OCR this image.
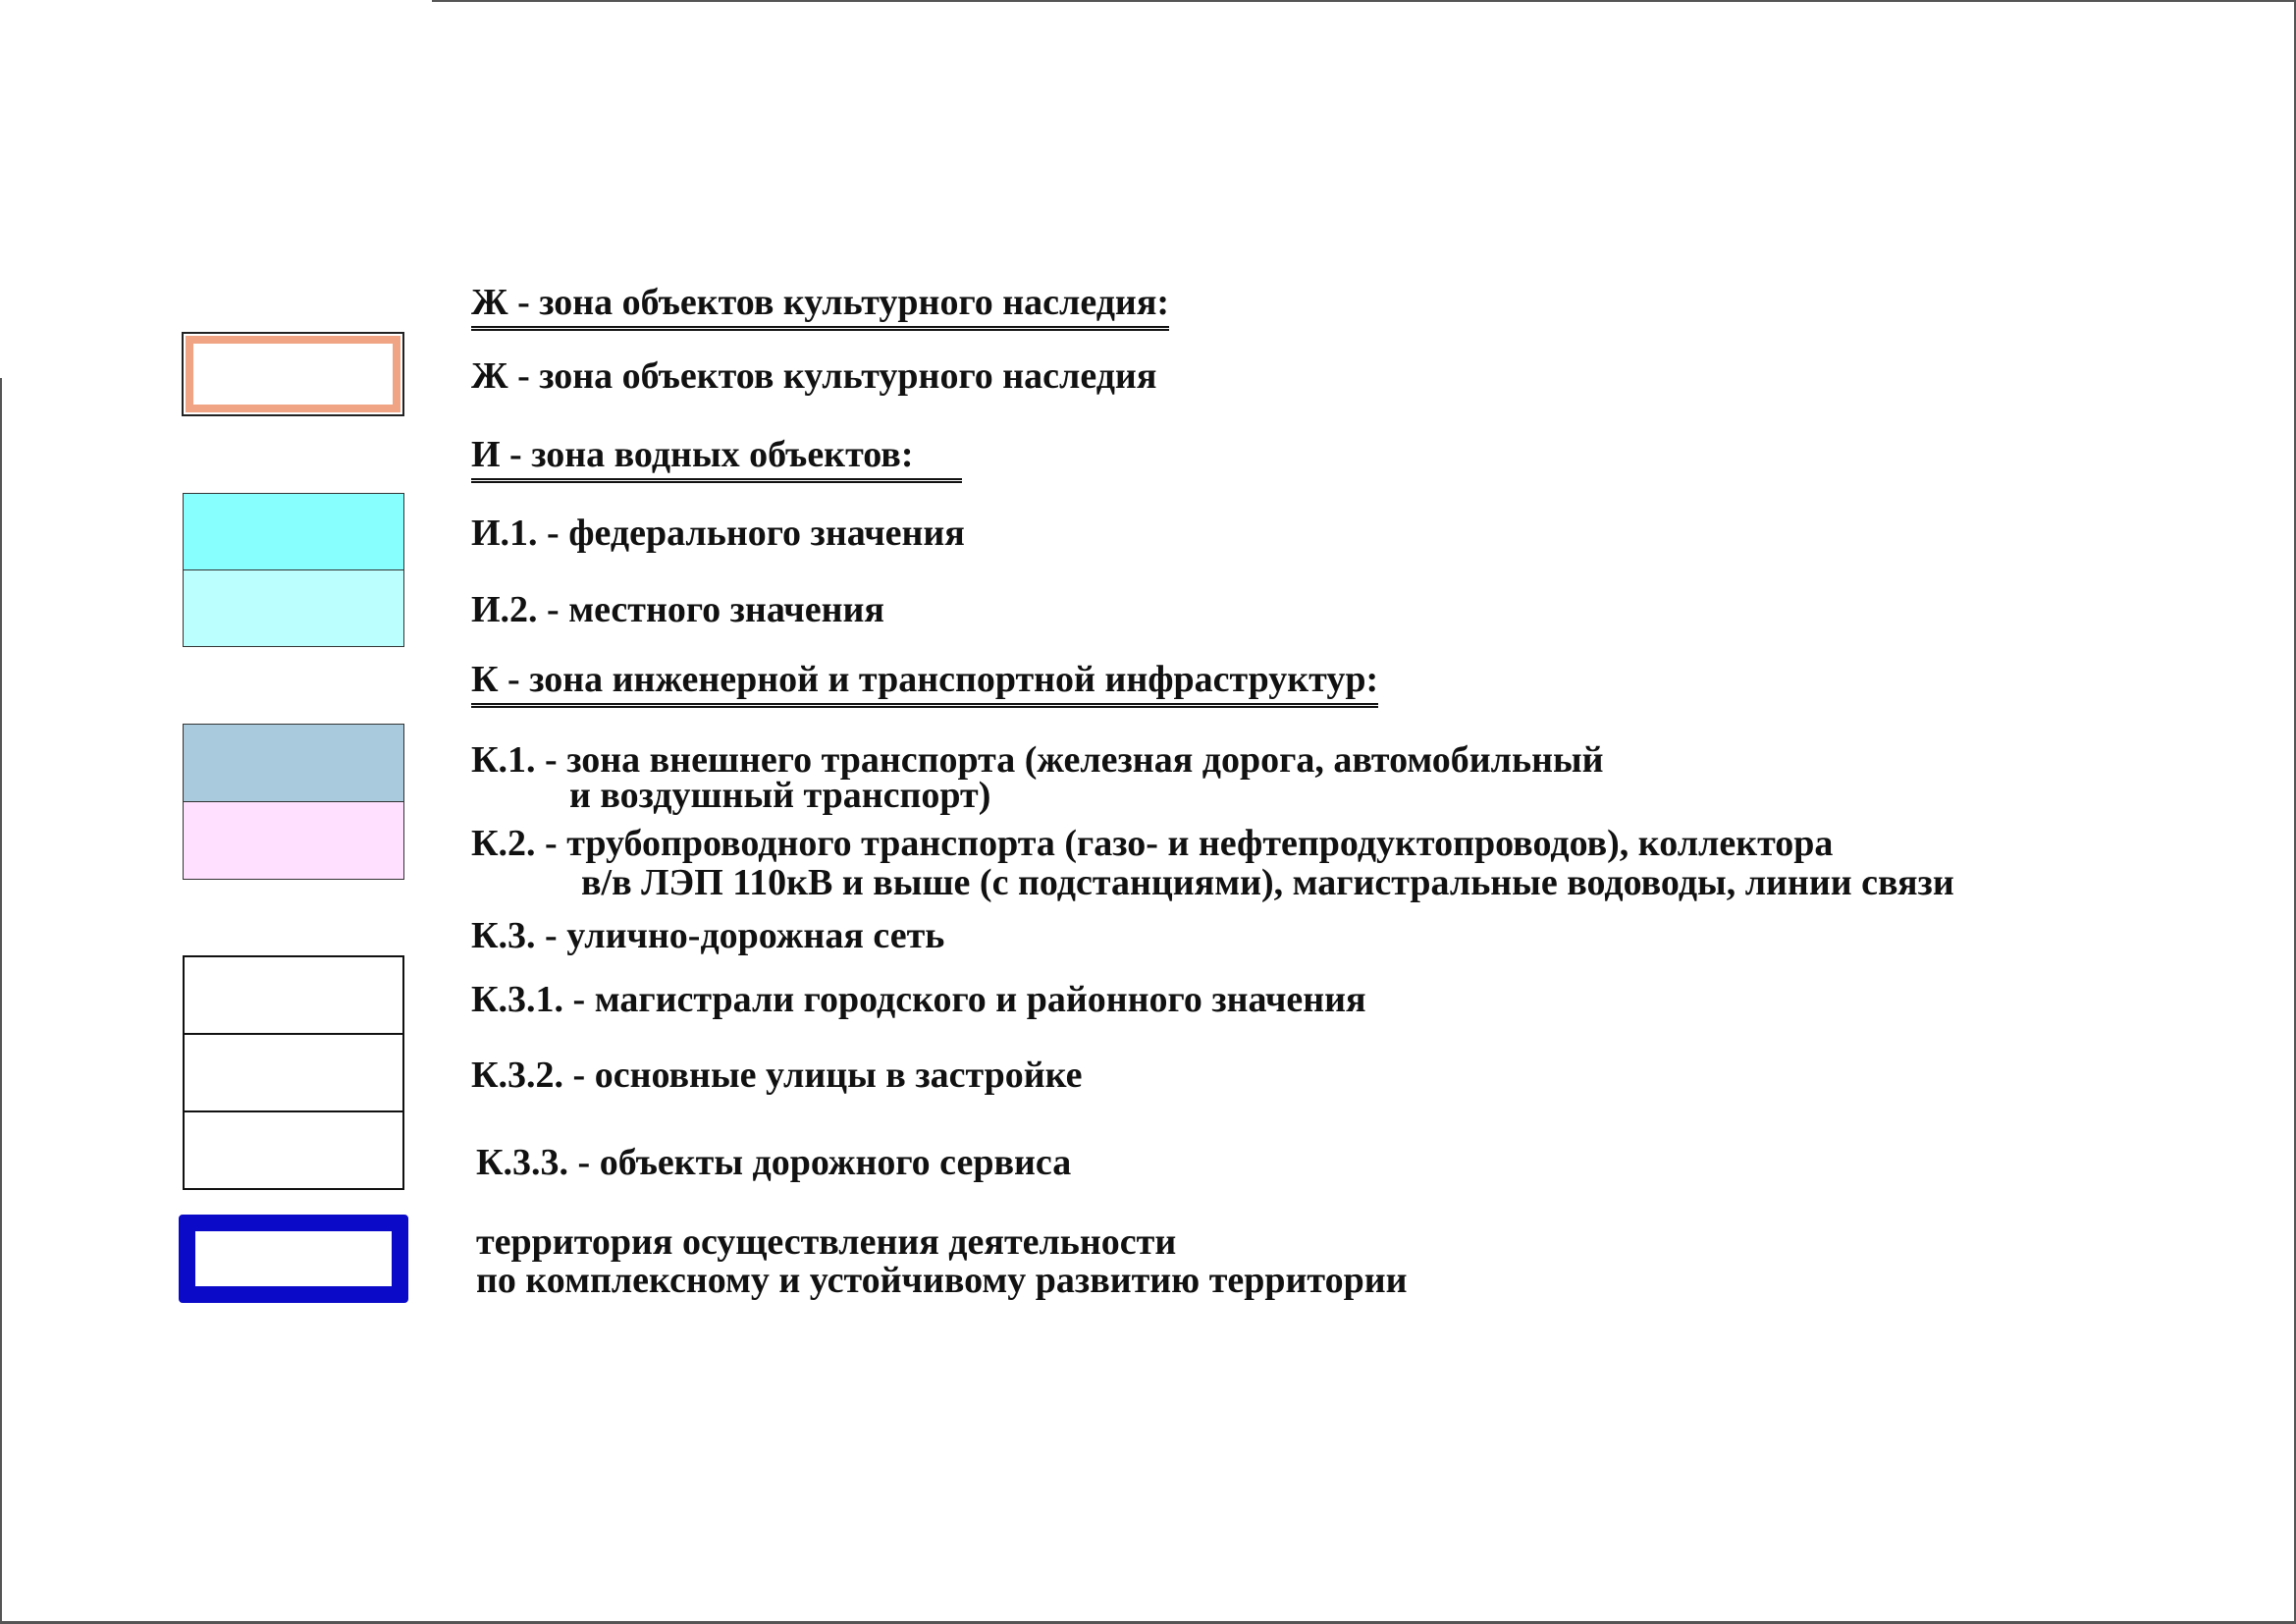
Ж - зона объектов культурного наследия:
Ж - зона объектов культурного наследия
И - зона водных объектов:
И.1. - федерального значения
И.2. - местного значения
К - зона инженерной и транспортной инфраструктур:
К.1. - зона внешнего транспорта (железная дорога, автомобильный
и воздушный транспорт)
К.2. - трубопроводного транспорта (газо- и нефтепродуктопроводов), коллектора
в/в ЛЭП 110кВ и выше (с подстанциями), магистральные водоводы, линии связи
К.3. - улично-дорожная сеть
К.3.1. - магистрали городского и районного значения
К.3.2. - основные улицы в застройке
К.3.3. - объекты дорожного сервиса
территория осуществления деятельности
по комплексному и устойчивому развитию территории
